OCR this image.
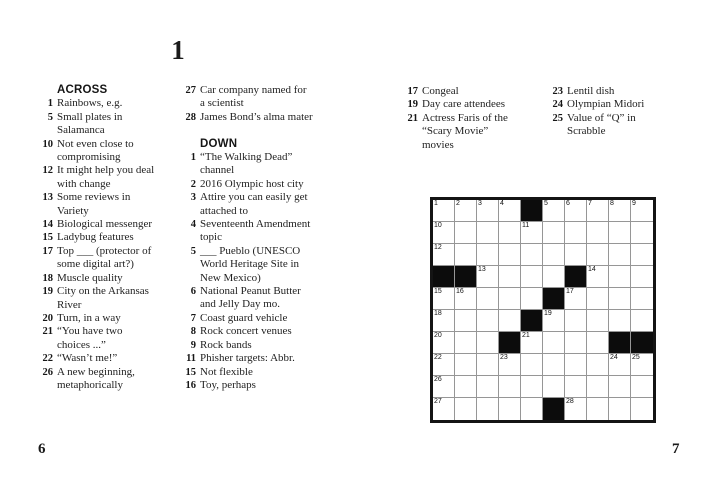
1
ACROSS
1 Rainbows, e.g.
5 Small plates in Salamanca
10 Not even close to compromising
12 It might help you deal with change
13 Some reviews in Variety
14 Biological messenger
15 Ladybug features
17 Top ___ (protector of some digital art?)
18 Muscle quality
19 City on the Arkansas River
20 Turn, in a way
21 “You have two choices ...”
22 “Wasn’t me!”
26 A new beginning, metaphorically
27 Car company named for a scientist
28 James Bond’s alma mater
DOWN
1 “The Walking Dead” channel
2 2016 Olympic host city
3 Attire you can easily get attached to
4 Seventeenth Amendment topic
5 ___ Pueblo (UNESCO World Heritage Site in New Mexico)
6 National Peanut Butter and Jelly Day mo.
7 Coast guard vehicle
8 Rock concert venues
9 Rock bands
11 Phisher targets: Abbr.
15 Not flexible
16 Toy, perhaps
17 Congeal
19 Day care attendees
21 Actress Faris of the “Scary Movie” movies
23 Lentil dish
24 Olympian Midori
25 Value of “Q” in Scrabble
1	2	3	4	5	6	7	8	9
10	11
12
13	14
15 16	17
18	19
20	21
22	23	24 25
26
27	28
6	7
